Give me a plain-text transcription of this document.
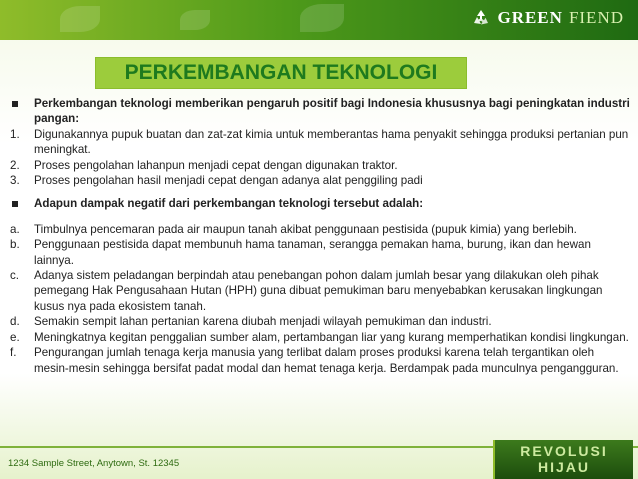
GREEN FIEND
PERKEMBANGAN TEKNOLOGI
Perkembangan teknologi memberikan pengaruh positif bagi Indonesia khususnya bagi peningkatan industri pangan:
1.	Digunakannya pupuk buatan dan zat-zat kimia untuk memberantas hama penyakit sehingga produksi pertanian pun meningkat.
2.	Proses pengolahan lahanpun menjadi cepat dengan digunakan traktor.
3.	Proses pengolahan hasil menjadi cepat dengan adanya alat penggiling padi
Adapun dampak negatif dari perkembangan teknologi tersebut adalah:
a.	Timbulnya pencemaran pada air maupun tanah akibat penggunaan pestisida (pupuk kimia) yang berlebih.
b.	Penggunaan pestisida dapat membunuh hama tanaman, serangga pemakan hama, burung, ikan dan hewan lainnya.
c.	Adanya sistem peladangan berpindah atau penebangan pohon dalam jumlah besar yang dilakukan oleh pihak pemegang Hak Pengusahaan Hutan (HPH) guna dibuat pemukiman baru menyebabkan kerusakan lingkungan kusus nya pada ekosistem tanah.
d.	Semakin sempit lahan pertanian karena diubah menjadi wilayah pemukiman dan industri.
e.	Meningkatnya kegitan penggalian sumber alam, pertambangan liar yang kurang memperhatikan kondisi lingkungan.
f.	Pengurangan jumlah tenaga kerja manusia yang terlibat dalam proses produksi karena telah tergantikan oleh mesin-mesin sehingga bersifat padat modal dan hemat tenaga kerja. Berdampak pada munculnya pengangguran.
1234 Sample Street, Anytown, St. 12345
REVOLUSI
HIJAU
